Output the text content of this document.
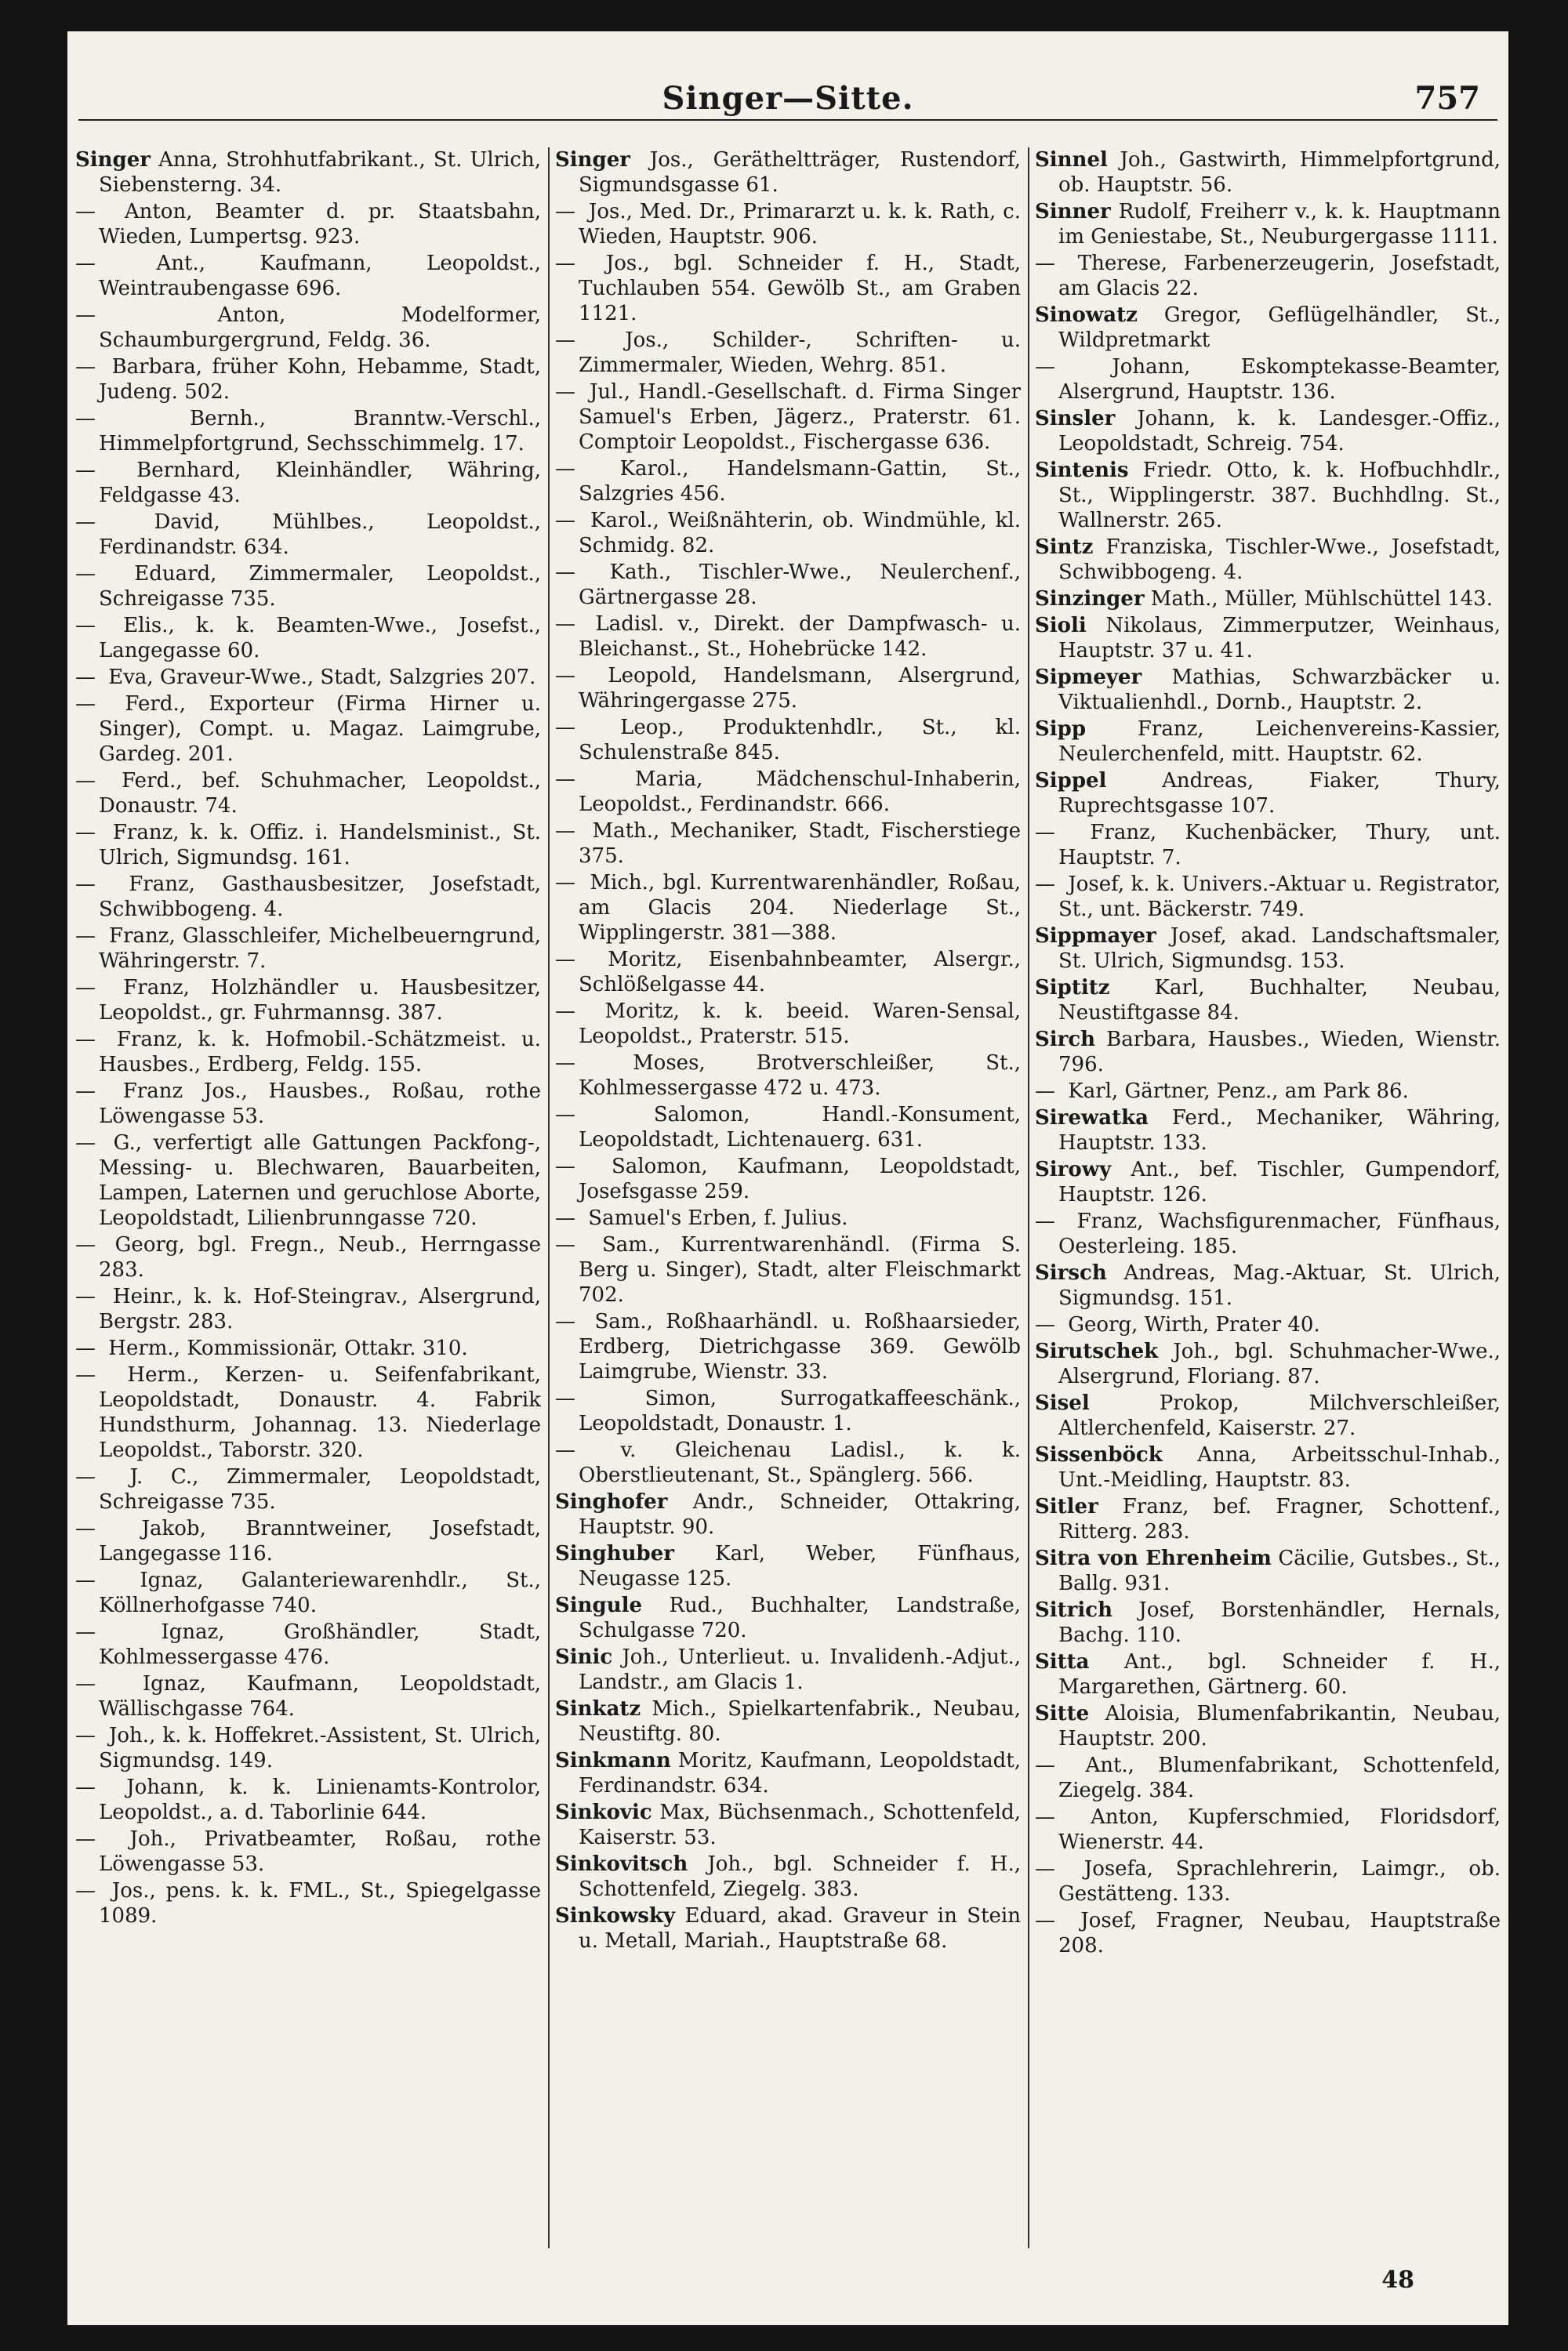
Singer—Sitte.	757

Singer Anna, Strohhutfabrikant., St. Ulrich, Siebensterng. 34.

— Anton, Beamter d. pr. Staatsbahn, Wieden, Lumpertsg. 923.

—	Ant., Kaufmann, Leopoldst., Weintraubengasse 696.

—	Anton, Modelformer, Schaumburgergrund, Feldg. 36.

— Barbara, früher Kohn, Hebamme, Stadt, Judeng. 502.

—	Bernh., Branntw.-Verschl., Himmelpfortgrund, Sechsschimmelg. 17.

— Bernhard, Kleinhändler, Währing, Feldgasse 43.

—	David, Mühlbes., Leopoldst., Ferdinandstr. 634.

— Eduard, Zimmermaler, Leopoldst., Schreigasse 735.

— Elis., k. k. Beamten-Wwe., Josefst., Langegasse 60.

— Eva, Graveur-Wwe., Stadt, Salzgries 207.

— Ferd., Exporteur (Firma Hirner u. Singer), Compt. u. Magaz. Laimgrube, Gardeg. 201.

— Ferd., bef. Schuhmacher, Leopoldst., Donaustr. 74.

— Franz, k. k. Offiz. i. Handelsminist., St. Ulrich, Sigmundsg. 161.

— Franz, Gasthausbesitzer, Josefstadt, Schwibbogeng. 4.

— Franz, Glasschleifer, Michelbeuerngrund, Währingerstr. 7.

— Franz, Holzhändler u. Hausbesitzer, Leopoldst., gr. Fuhrmannsg. 387.

— Franz, k. k. Hofmobil.-Schätzmeist. u. Hausbes., Erdberg, Feldg. 155.

— Franz Jos., Hausbes., Roßau, rothe Löwengasse 53.

— G., verfertigt alle Gattungen Packfong-, Messing- u. Blechwaren, Bauarbeiten, Lampen, Laternen und geruchlose Aborte, Leopoldstadt, Lilienbrunngasse 720.

— Georg, bgl. Fregn., Neub., Herrngasse 283.

— Heinr., k. k. Hof-Steingrav., Alsergrund, Bergstr. 283.

— Herm., Kommissionär, Ottakr. 310.

— Herm., Kerzen- u. Seifenfabrikant, Leopoldstadt, Donaustr. 4. Fabrik Hundsthurm, Johannag. 13. Niederlage Leopoldst., Taborstr. 320.

— J. C., Zimmermaler, Leopoldstadt, Schreigasse 735.

— Jakob, Branntweiner, Josefstadt, Langegasse 116.

— Ignaz, Galanteriewarenhdlr., St., Köllnerhofgasse 740.

—	Ignaz, Großhändler, Stadt, Kohlmessergasse 476.

— Ignaz, Kaufmann, Leopoldstadt, Wällischgasse 764.

— Joh., k. k. Hoffekret.-Assistent, St. Ulrich, Sigmundsg. 149.

— Johann, k. k. Linienamts-Kontrolor, Leopoldst., a. d. Taborlinie 644.

— Joh., Privatbeamter, Roßau, rothe Löwengasse 53.

— Jos., pens. k. k. FML., St., Spiegelgasse 1089.

Singer Jos., Gerätheltträger, Rustendorf, Sigmundsgasse 61.

— Jos., Med. Dr., Primararzt u. k. k. Rath, c. Wieden, Hauptstr. 906.

— Jos., bgl. Schneider f. H., Stadt, Tuchlauben 554. Gewölb St., am Graben 1121.

— Jos., Schilder-, Schriften- u. Zimmermaler, Wieden, Wehrg. 851.

— Jul., Handl.-Gesellschaft. d. Firma Singer Samuel's Erben, Jägerz., Praterstr. 61. Comptoir Leopoldst., Fischergasse 636.

— Karol., Handelsmann-Gattin, St., Salzgries 456.

— Karol., Weißnähterin, ob. Windmühle, kl. Schmidg. 82.

— Kath., Tischler-Wwe., Neulerchenf., Gärtnergasse 28.

— Ladisl. v., Direkt. der Dampfwasch- u. Bleichanst., St., Hohebrücke 142.

— Leopold, Handelsmann, Alsergrund, Währingergasse 275.

— Leop., Produktenhdlr., St., kl. Schulenstraße 845.

—	Maria, Mädchenschul-Inhaberin, Leopoldst., Ferdinandstr. 666.

— Math., Mechaniker, Stadt, Fischerstiege 375.

— Mich., bgl. Kurrentwarenhändler, Roßau, am Glacis 204. Niederlage St., Wipplingerstr. 381—388.

— Moritz, Eisenbahnbeamter, Alsergr., Schlößelgasse 44.

— Moritz, k. k. beeid. Waren-Sensal, Leopoldst., Praterstr. 515.

—	Moses, Brotverschleißer, St., Kohlmessergasse 472 u. 473.

—	Salomon, Handl.-Konsument, Leopoldstadt, Lichtenauerg. 631.

— Salomon, Kaufmann, Leopoldstadt, Josefsgasse 259.

— Samuel's Erben, f. Julius.

— Sam., Kurrentwarenhändl. (Firma S. Berg u. Singer), Stadt, alter Fleischmarkt 702.

— Sam., Roßhaarhändl. u. Roßhaarsieder, Erdberg, Dietrichgasse 369. Gewölb Laimgrube, Wienstr. 33.

—	Simon, Surrogatkaffeeschänk., Leopoldstadt, Donaustr. 1.

— v. Gleichenau Ladisl., k. k. Oberstlieutenant, St., Spänglerg. 566.

Singhofer Andr., Schneider, Ottakring, Hauptstr. 90.

Singhuber Karl, Weber, Fünfhaus, Neugasse 125.

Singule Rud., Buchhalter, Landstraße, Schulgasse 720.

Sinic Joh., Unterlieut. u. Invalidenh.-Adjut., Landstr., am Glacis 1.

Sinkatz Mich., Spielkartenfabrik., Neubau, Neustiftg. 80.

Sinkmann Moritz, Kaufmann, Leopoldstadt, Ferdinandstr. 634.

Sinkovic Max, Büchsenmach., Schottenfeld, Kaiserstr. 53.

Sinkovitsch Joh., bgl. Schneider f. H., Schottenfeld, Ziegelg. 383.

Sinkowsky Eduard, akad. Graveur in Stein u. Metall, Mariah., Hauptstraße 68.

Sinnel Joh., Gastwirth, Himmelpfortgrund, ob. Hauptstr. 56.

Sinner Rudolf, Freiherr v., k. k. Hauptmann im Geniestabe, St., Neuburgergasse 1111.

— Therese, Farbenerzeugerin, Josefstadt, am Glacis 22.

Sinowatz Gregor, Geflügelhändler, St., Wildpretmarkt

—	Johann, Eskomptekasse-Beamter, Alsergrund, Hauptstr. 136.

Sinsler Johann, k. k. Landesger.-Offiz., Leopoldstadt, Schreig. 754.

Sintenis Friedr. Otto, k. k. Hofbuchhdlr., St., Wipplingerstr. 387. Buchhdlng. St., Wallnerstr. 265.

Sintz Franziska, Tischler-Wwe., Josefstadt, Schwibbogeng. 4.

Sinzinger Math., Müller, Mühlschüttel 143.

Sioli Nikolaus, Zimmerputzer, Weinhaus, Hauptstr. 37 u. 41.

Sipmeyer Mathias, Schwarzbäcker u. Viktualienhdl., Dornb., Hauptstr. 2.

Sipp	Franz, Leichenvereins-Kassier, Neulerchenfeld, mitt. Hauptstr. 62.

Sippel	Andreas, Fiaker, Thury, Ruprechtsgasse 107.

— Franz, Kuchenbäcker, Thury, unt. Hauptstr. 7.

— Josef, k. k. Univers.-Aktuar u. Registrator, St., unt. Bäckerstr. 749.

Sippmayer Josef, akad. Landschaftsmaler, St. Ulrich, Sigmundsg. 153.

Siptitz Karl, Buchhalter, Neubau, Neustiftgasse 84.

Sirch Barbara, Hausbes., Wieden, Wienstr. 796.

— Karl, Gärtner, Penz., am Park 86.

Sirewatka Ferd., Mechaniker, Währing, Hauptstr. 133.

Sirowy Ant., bef. Tischler, Gumpendorf, Hauptstr. 126.

— Franz, Wachsfigurenmacher, Fünfhaus, Oesterleing. 185.

Sirsch Andreas, Mag.-Aktuar, St. Ulrich, Sigmundsg. 151.

— Georg, Wirth, Prater 40.

Sirutschek Joh., bgl. Schuhmacher-Wwe., Alsergrund, Floriang. 87.

Sisel	Prokop, Milchverschleißer, Altlerchenfeld, Kaiserstr. 27.

Sissenböck Anna, Arbeitsschul-Inhab., Unt.-Meidling, Hauptstr. 83.

Sitler Franz, bef. Fragner, Schottenf., Ritterg. 283.

Sitra von Ehrenheim Cäcilie, Gutsbes., St., Ballg. 931.

Sitrich Josef, Borstenhändler, Hernals, Bachg. 110.

Sitta Ant., bgl. Schneider f. H., Margarethen, Gärtnerg. 60.

Sitte Aloisia, Blumenfabrikantin, Neubau, Hauptstr. 200.

— Ant., Blumenfabrikant, Schottenfeld, Ziegelg. 384.

— Anton, Kupferschmied, Floridsdorf, Wienerstr. 44.

— Josefa, Sprachlehrerin, Laimgr., ob. Gestätteng. 133.

— Josef, Fragner, Neubau, Hauptstraße 208.

48
